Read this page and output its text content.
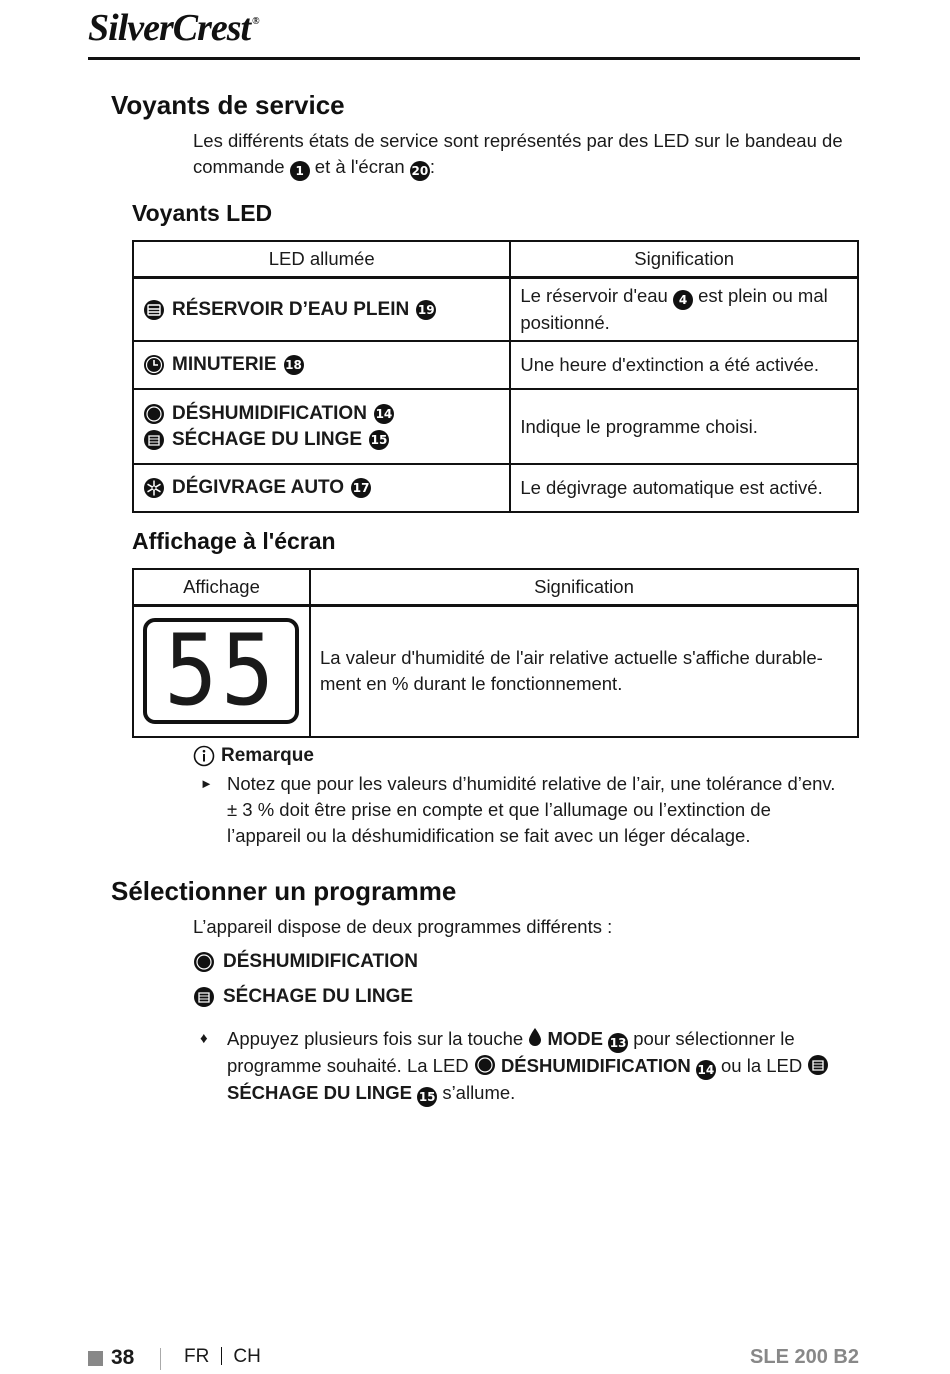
SilverCrest ®
Voyants de service

Les différents états de service sont représentés par des LED sur le bandeau de commande 1 et à l'écran 20:

Voyants LED
LED allumée	Signification

RÉSERVOIR D’EAU PLEIN 19	Le réservoir d'eau 4 est plein ou mal positionné.

MINUTERIE 18	Une heure d'extinction a été activée.

DÉSHUMIDIFICATION 14
SÉCHAGE DU LINGE 15	Indique le programme choisi.

DÉGIVRAGE AUTO 17	Le dégivrage automatique est activé.
Affichage à l'écran
Affichage	Signification

55	La valeur d'humidité de l'air relative actuelle s'affiche durable-ment en % durant le fonctionnement.
Remarque
► Notez que pour les valeurs d’humidité relative de l’air, une tolérance d’env. ± 3 % doit être prise en compte et que l’allumage ou l’extinction de l’appareil ou la déshumidification se fait avec un léger décalage.

Sélectionner un programme

L’appareil dispose de deux programmes différents :

DÉSHUMIDIFICATION
SÉCHAGE DU LINGE
♦ Appuyez plusieurs fois sur la touche MODE 13 pour sélectionner le programme souhaité. La LED DÉSHUMIDIFICATION 14 ou la LED
SÉCHAGE DU LINGE 15 s’allume.

38	FR CH	SLE 200 B2
